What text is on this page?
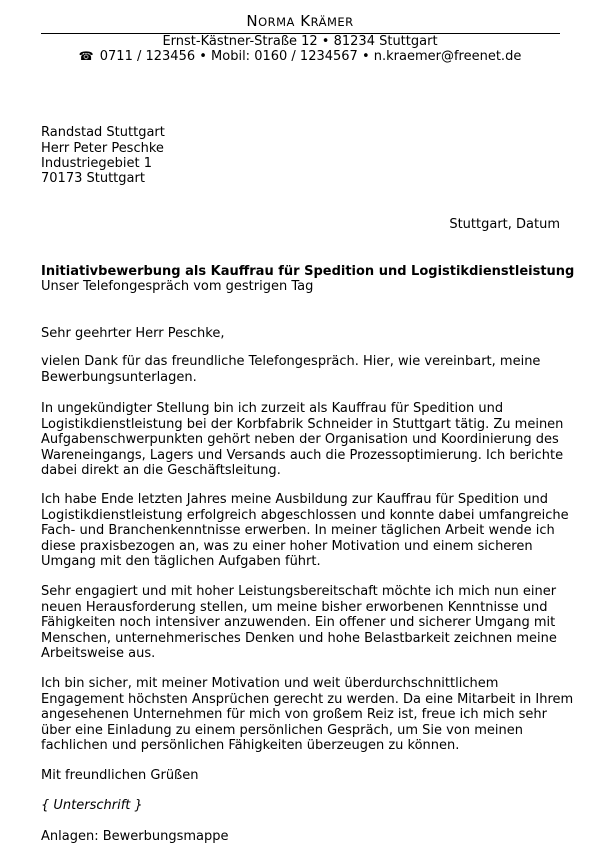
NORMA KRÄMER
Ernst-Kästner-Straße 12 • 81234 Stuttgart
☎ 0711 / 123456 • Mobil: 0160 / 1234567 • n.kraemer@freenet.de
Randstad Stuttgart
Herr Peter Peschke
Industriegebiet 1
70173 Stuttgart
Stuttgart, Datum
Initiativbewerbung als Kauffrau für Spedition und Logistikdienstleistung
Unser Telefongespräch vom gestrigen Tag
Sehr geehrter Herr Peschke,
vielen Dank für das freundliche Telefongespräch. Hier, wie vereinbart, meine
Bewerbungsunterlagen.
In ungekündigter Stellung bin ich zurzeit als Kauffrau für Spedition und
Logistikdienstleistung bei der Korbfabrik Schneider in Stuttgart tätig. Zu meinen
Aufgabenschwerpunkten gehört neben der Organisation und Koordinierung des
Wareneingangs, Lagers und Versands auch die Prozessoptimierung. Ich berichte
dabei direkt an die Geschäftsleitung.
Ich habe Ende letzten Jahres meine Ausbildung zur Kauffrau für Spedition und
Logistikdienstleistung erfolgreich abgeschlossen und konnte dabei umfangreiche
Fach- und Branchenkenntnisse erwerben. In meiner täglichen Arbeit wende ich
diese praxisbezogen an, was zu einer hoher Motivation und einem sicheren
Umgang mit den täglichen Aufgaben führt.
Sehr engagiert und mit hoher Leistungsbereitschaft möchte ich mich nun einer
neuen Herausforderung stellen, um meine bisher erworbenen Kenntnisse und
Fähigkeiten noch intensiver anzuwenden. Ein offener und sicherer Umgang mit
Menschen, unternehmerisches Denken und hohe Belastbarkeit zeichnen meine
Arbeitsweise aus.
Ich bin sicher, mit meiner Motivation und weit überdurchschnittlichem
Engagement höchsten Ansprüchen gerecht zu werden. Da eine Mitarbeit in Ihrem
angesehenen Unternehmen für mich von großem Reiz ist, freue ich mich sehr
über eine Einladung zu einem persönlichen Gespräch, um Sie von meinen
fachlichen und persönlichen Fähigkeiten überzeugen zu können.
Mit freundlichen Grüßen
{ Unterschrift }
Anlagen: Bewerbungsmappe
